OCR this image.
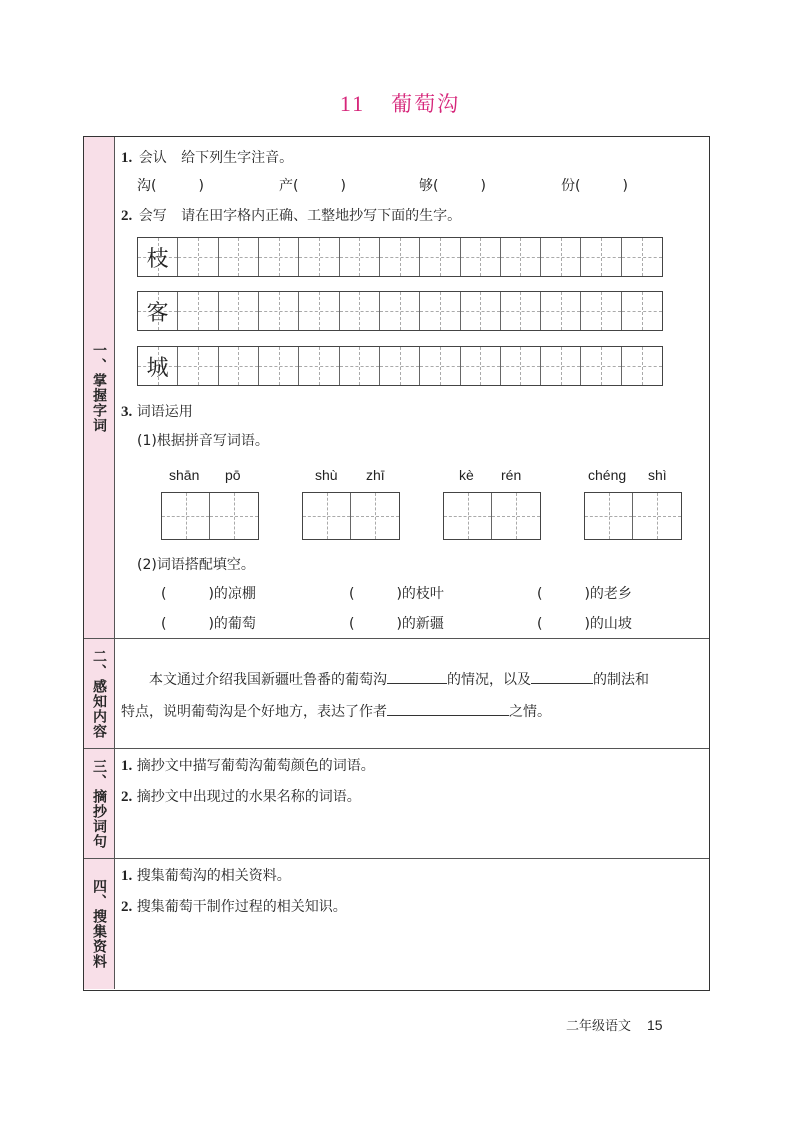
11 葡萄沟
一、掌握字词
1. 会认 给下列生字注音。
沟(　　　)	产(　　　)	够(　　　)	份(　　　)
2. 会写 请在田字格内正确、工整地抄写下面的生字。
枝
客
城
3. 词语运用
(1)根据拼音写词语。
shān pō	shù zhī	kè rén	chéng shì
(2)词语搭配填空。
(　　　)的凉棚	(　　　)的枝叶	(　　　)的老乡
(　　　)的葡萄	(　　　)的新疆	(　　　)的山坡
二、感知内容	本文通过介绍我国新疆吐鲁番的葡萄沟	的情况，以及	的制法和
特点，说明葡萄沟是个好地方，表达了作者	之情。
三、摘抄词句 1. 摘抄文中描写葡萄沟葡萄颜色的词语。
2. 摘抄文中出现过的水果名称的词语。
四、搜集资料
1. 搜集葡萄沟的相关资料。
2. 搜集葡萄干制作过程的相关知识。
二年级语文 15
